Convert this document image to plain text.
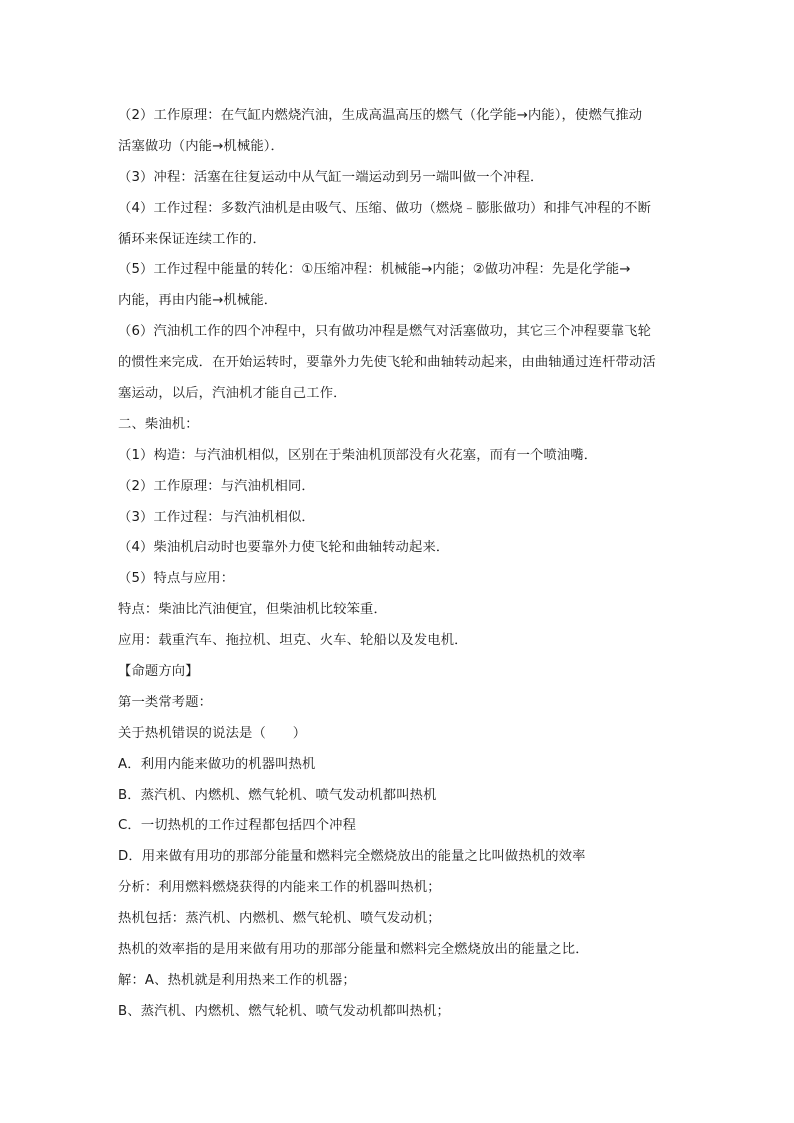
（2）工作原理：在气缸内燃烧汽油，生成高温高压的燃气（化学能→内能），使燃气推动
活塞做功（内能→机械能）．
（3）冲程：活塞在往复运动中从气缸一端运动到另一端叫做一个冲程．
（4）工作过程：多数汽油机是由吸气、压缩、做功（燃烧﹣膨胀做功）和排气冲程的不断
循环来保证连续工作的．
（5）工作过程中能量的转化：①压缩冲程：机械能→内能；②做功冲程：先是化学能→
内能，再由内能→机械能．
（6）汽油机工作的四个冲程中，只有做功冲程是燃气对活塞做功，其它三个冲程要靠飞轮
的惯性来完成．在开始运转时，要靠外力先使飞轮和曲轴转动起来，由曲轴通过连杆带动活
塞运动，以后，汽油机才能自己工作．
二、柴油机：
（1）构造：与汽油机相似，区别在于柴油机顶部没有火花塞，而有一个喷油嘴．
（2）工作原理：与汽油机相同．
（3）工作过程：与汽油机相似．
（4）柴油机启动时也要靠外力使飞轮和曲轴转动起来．
（5）特点与应用：
特点：柴油比汽油便宜，但柴油机比较笨重．
应用：载重汽车、拖拉机、坦克、火车、轮船以及发电机．
【命题方向】
第一类常考题：
关于热机错误的说法是（　　）
A．利用内能来做功的机器叫热机
B．蒸汽机、内燃机、燃气轮机、喷气发动机都叫热机
C．一切热机的工作过程都包括四个冲程
D．用来做有用功的那部分能量和燃料完全燃烧放出的能量之比叫做热机的效率
分析：利用燃料燃烧获得的内能来工作的机器叫热机；
热机包括：蒸汽机、内燃机、燃气轮机、喷气发动机；
热机的效率指的是用来做有用功的那部分能量和燃料完全燃烧放出的能量之比．
解：A、热机就是利用热来工作的机器；
B、蒸汽机、内燃机、燃气轮机、喷气发动机都叫热机；
